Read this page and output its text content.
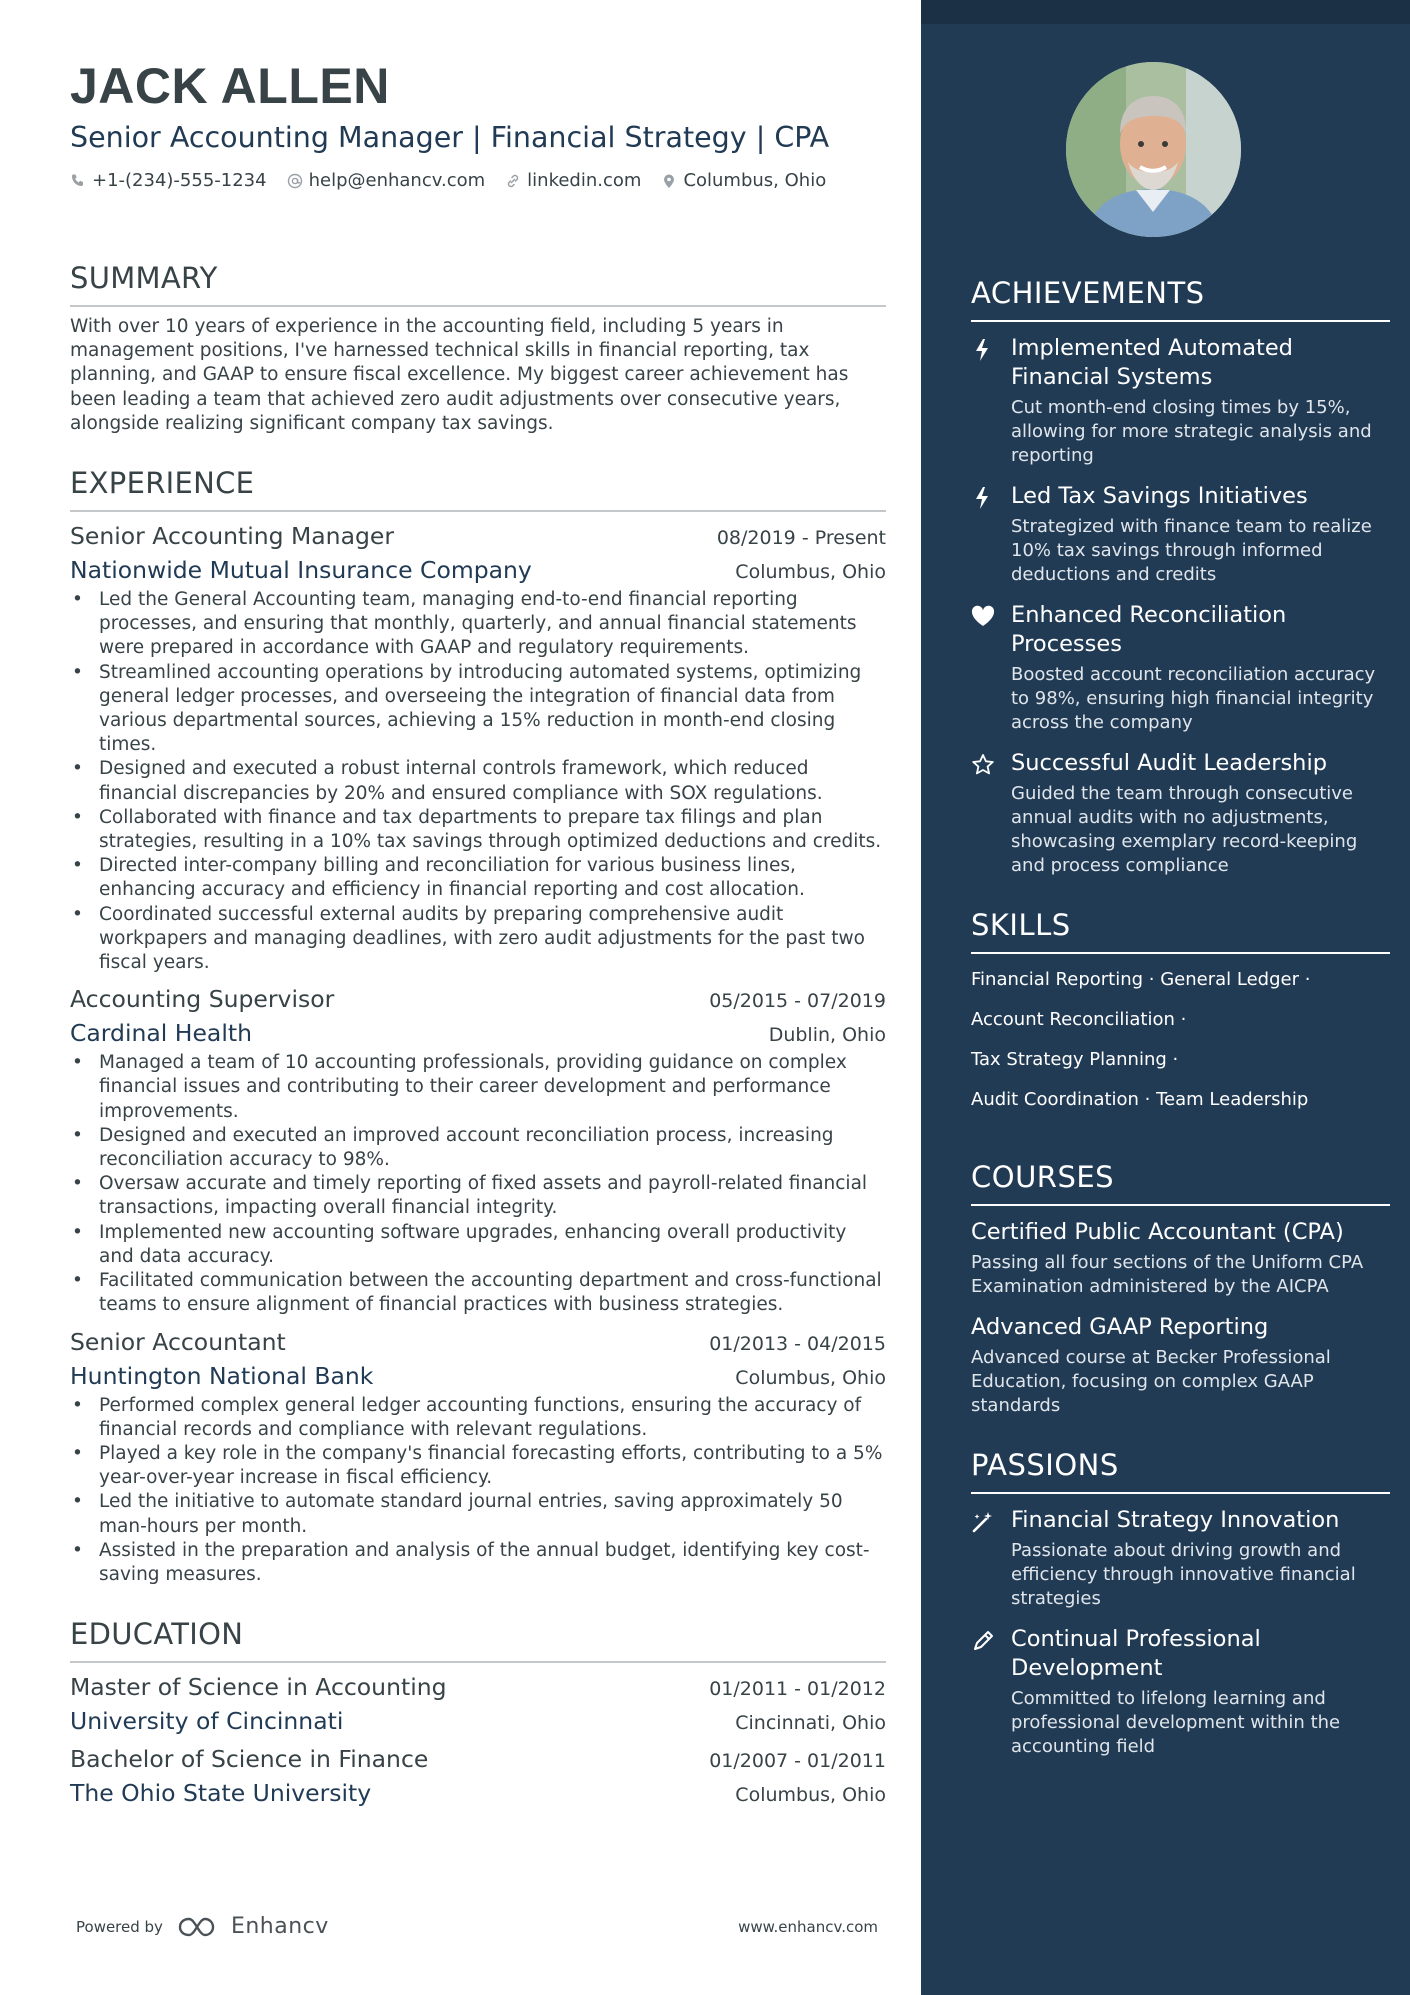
JACK ALLEN
Senior Accounting Manager | Financial Strategy | CPA
+1-(234)-555-1234 help@enhancv.com linkedin.com Columbus, Ohio
SUMMARY

With over 10 years of experience in the accounting field, including 5 years in management positions, I've harnessed technical skills in financial reporting, tax planning, and GAAP to ensure fiscal excellence. My biggest career achievement has been leading a team that achieved zero audit adjustments over consecutive years, alongside realizing significant company tax savings.

EXPERIENCE
Senior Accounting Manager	08/2019 - Present
Nationwide Mutual Insurance Company	Columbus, Ohio
• Led the General Accounting team, managing end-to-end financial reporting processes, and ensuring that monthly, quarterly, and annual financial statements were prepared in accordance with GAAP and regulatory requirements.
• Streamlined accounting operations by introducing automated systems, optimizing general ledger processes, and overseeing the integration of financial data from various departmental sources, achieving a 15% reduction in month-end closing times.
• Designed and executed a robust internal controls framework, which reduced financial discrepancies by 20% and ensured compliance with SOX regulations.
• Collaborated with finance and tax departments to prepare tax filings and plan strategies, resulting in a 10% tax savings through optimized deductions and credits.
• Directed inter-company billing and reconciliation for various business lines, enhancing accuracy and efficiency in financial reporting and cost allocation.
• Coordinated successful external audits by preparing comprehensive audit workpapers and managing deadlines, with zero audit adjustments for the past two fiscal years.
Accounting Supervisor	05/2015 - 07/2019
Cardinal Health	Dublin, Ohio
• Managed a team of 10 accounting professionals, providing guidance on complex financial issues and contributing to their career development and performance improvements.
• Designed and executed an improved account reconciliation process, increasing reconciliation accuracy to 98%.
• Oversaw accurate and timely reporting of fixed assets and payroll-related financial transactions, impacting overall financial integrity.
• Implemented new accounting software upgrades, enhancing overall productivity and data accuracy.
• Facilitated communication between the accounting department and cross-functional teams to ensure alignment of financial practices with business strategies.
Senior Accountant	01/2013 - 04/2015
Huntington National Bank	Columbus, Ohio
• Performed complex general ledger accounting functions, ensuring the accuracy of financial records and compliance with relevant regulations.
• Played a key role in the company's financial forecasting efforts, contributing to a 5% year-over-year increase in fiscal efficiency.
• Led the initiative to automate standard journal entries, saving approximately 50 man-hours per month.
• Assisted in the preparation and analysis of the annual budget, identifying key cost-saving measures.
EDUCATION
Master of Science in Accounting	01/2011 - 01/2012
University of Cincinnati	Cincinnati, Ohio
Bachelor of Science in Finance	01/2007 - 01/2011
The Ohio State University	Columbus, Ohio
Powered by	Enhancv	www.enhancv.com
ACHIEVEMENTS
Implemented Automated Financial Systems
Cut month-end closing times by 15%, allowing for more strategic analysis and reporting
Led Tax Savings Initiatives
Strategized with finance team to realize 10% tax savings through informed deductions and credits
Enhanced Reconciliation Processes
Boosted account reconciliation accuracy to 98%, ensuring high financial integrity across the company
Successful Audit Leadership
Guided the team through consecutive annual audits with no adjustments, showcasing exemplary record-keeping and process compliance
SKILLS
Financial Reporting · General Ledger ·
Account Reconciliation ·
Tax Strategy Planning ·
Audit Coordination · Team Leadership
COURSES
Certified Public Accountant (CPA)
Passing all four sections of the Uniform CPA Examination administered by the AICPA
Advanced GAAP Reporting
Advanced course at Becker Professional Education, focusing on complex GAAP standards
PASSIONS
Financial Strategy Innovation
Passionate about driving growth and efficiency through innovative financial strategies
Continual Professional Development
Committed to lifelong learning and professional development within the accounting field
